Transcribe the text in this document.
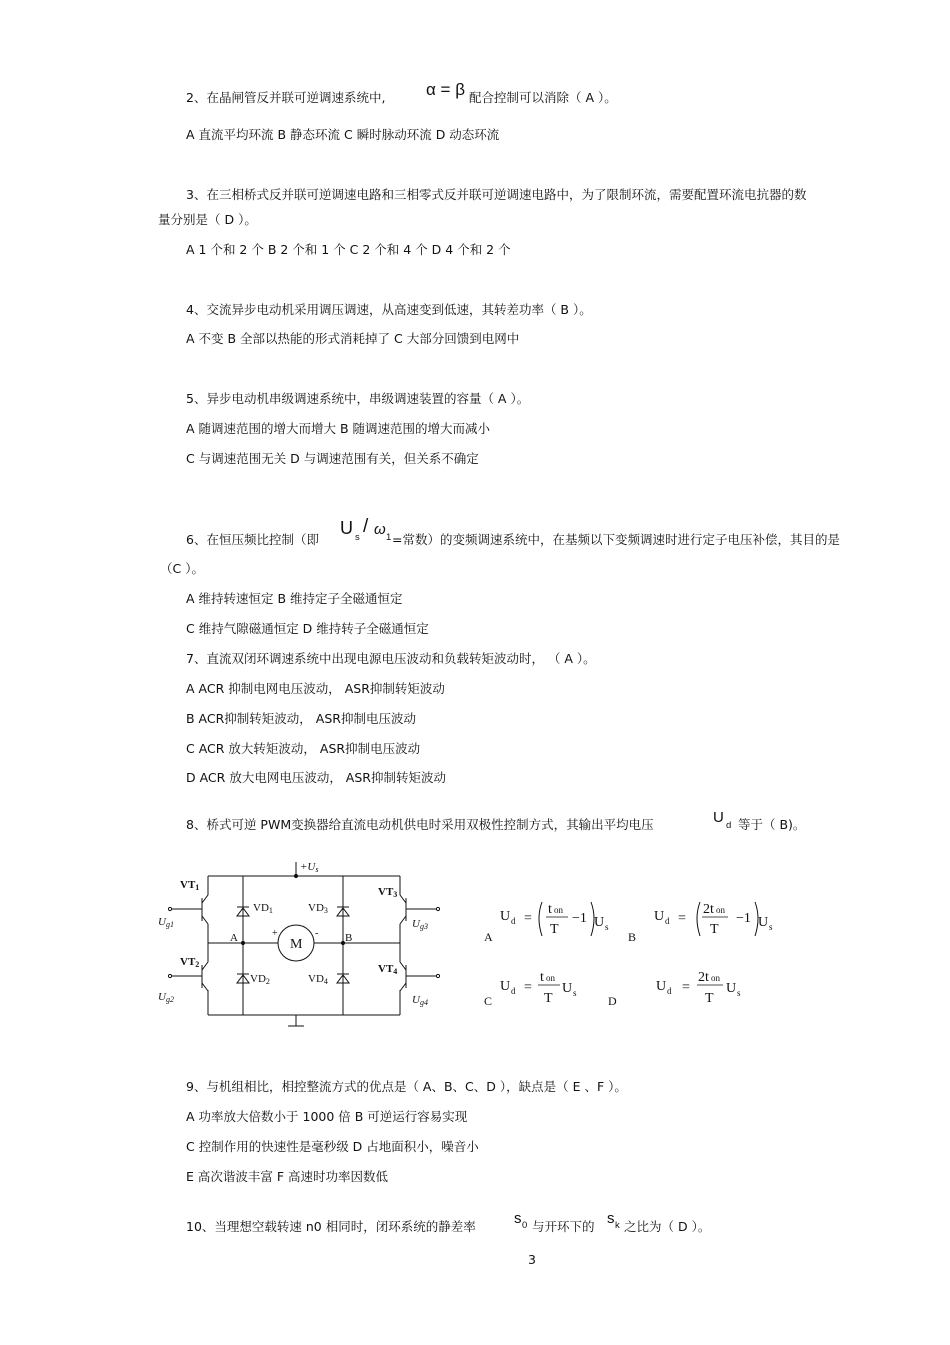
2、在晶闸管反并联可逆调速系统中, α = β 配合控制可以消除（ A ）。
A 直流平均环流 B 静态环流 C 瞬时脉动环流 D 动态环流
3、在三相桥式反并联可逆调速电路和三相零式反并联可逆调速电路中，为了限制环流，需要配置环流电抗器的数
量分别是（ D ）。
A 1 个和 2 个 B 2 个和 1 个 C 2 个和 4 个 D 4 个和 2 个
4、交流异步电动机采用调压调速，从高速变到低速，其转差功率（ B ）。
A 不变 B 全部以热能的形式消耗掉了 C 大部分回馈到电网中
5、异步电动机串级调速系统中，串级调速装置的容量（ A ）。
A 随调速范围的增大而增大 B 随调速范围的增大而减小
C 与调速范围无关 D 与调速范围有关，但关系不确定
6、在恒压频比控制（即
U s
/ ω 1 =常数）的变频调速系统中，在基频以下变频调速时进行定子电压补偿，其目的是
（C ）。
A 维持转速恒定 B 维持定子全磁通恒定
C 维持气隙磁通恒定 D 维持转子全磁通恒定
7、直流双闭环调速系统中出现电源电压波动和负载转矩波动时， （ A ）。
A ACR 抑制电网电压波动， ASR抑制转矩波动
B ACR抑制转矩波动， ASR抑制电压波动
C ACR 放大转矩波动， ASR抑制电压波动
D ACR 放大电网电压波动， ASR抑制转矩波动
8、桥式可逆 PWM变换器给直流电动机供电时采用双极性控制方式，其输出平均电压	U d 等于（ B)。
+Us
VT1
VT2
VT3
VT4
VD1
VD2
VD3
VD4
Ug1
Ug2
Ug3
Ug4
A	B
M
+	-	A
U d =
t on
T
−1 U s
B
U d =
2t on
T
−1 U s
C
U d =
t on
T
U s
D
U d =
2t on
T
U s
9、与机组相比，相控整流方式的优点是（ A、B、C、D ），缺点是（ E 、F ）。
A 功率放大倍数小于 1000 倍 B 可逆运行容易实现
C 控制作用的快速性是毫秒级 D 占地面积小，噪音小
E 高次谐波丰富 F 高速时功率因数低
10、当理想空载转速 n0 相同时，闭环系统的静差率	s 0 与开环下的 s k 之比为（ D ）。
3
